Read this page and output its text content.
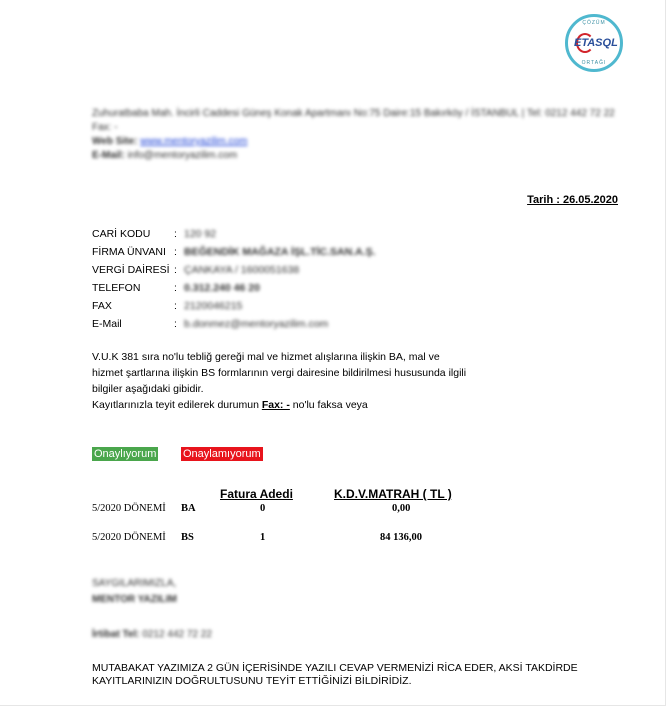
ÇÖZÜM
ETASQL
ORTAĞI
Zuhuratbaba Mah. İncirli Caddesi Güneş Konak Apartmanı No:75 Daire:15 Bakırköy / İSTANBUL | Tel: 0212 442 72 22 Fax: -
Web Site: www.mentoryazilim.com
E-Mail: info@mentoryazilim.com
Tarih : 26.05.2020
CARİ KODU	: 120 92
FİRMA ÜNVANI : BEĞENDİK MAĞAZA İŞL.TİC.SAN.A.Ş.
VERGİ DAİRESİ : ÇANKAYA / 1600051638
TELEFON	: 0.312.240 46 20
FAX	: 2120046215
E-Mail	: b.donmez@mentoryazilim.com
V.U.K 381 sıra no'lu tebliğ gereği mal ve hizmet alışlarına ilişkin BA, mal ve
hizmet şartlarına ilişkin BS formlarının vergi dairesine bildirilmesi hususunda ilgili
bilgiler aşağıdaki gibidir.
Kayıtlarınızla teyit edilerek durumun Fax: - no'lu faksa veya
Onaylıyorum Onaylamıyorum
Fatura Adedi	K.D.V.MATRAH ( TL )
5/2020 DÖNEMİ BA	0	0,00
5/2020 DÖNEMİ BS	1	84 136,00
SAYGILARIMIZLA,
MENTOR YAZILIM
İrtibat Tel: 0212 442 72 22
MUTABAKAT YAZIMIZA 2 GÜN İÇERİSİNDE YAZILI CEVAP VERMENİZİ RİCA EDER, AKSİ TAKDİRDE
KAYITLARINIZIN DOĞRULTUSUNU TEYİT ETTİĞİNİZİ BİLDİRİDİZ.
